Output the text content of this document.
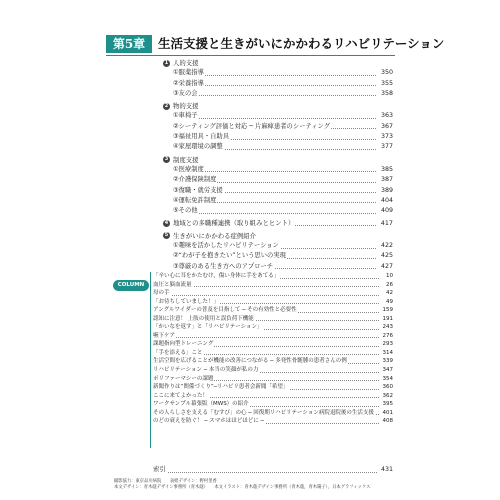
第5章	生活支援と生きがいにかかわるリハビリテーション
1 人的支援
①服薬指導	350
②栄養指導	355
③友の会	358
2 物的支援
①車椅子	363
②シーティング評価と対応 ─ 片麻痺患者のシーティング	367
③福祉用具・自助具	373
④家屋環境の調整	377
3 制度支援
①医療制度	385
②介護保険制度	387
③復職・就労支援	389
④運転免許制度	404
⑤その他	409
4 地域との多職種連携（取り組みとヒント）	417
5 生きがいにかかわる症例紹介
①趣味を活かしたリハビリテーション	422
②“わが子を抱きたい”という思いの実現	425
③尊厳のある生き方へのアプローチ	427
COLUMN
「辛い心に耳をかたむけ，傷い身体に手をあてる」	10
血圧と脳血流量	26
母の手	42
「お待ちしていました！」	49
アングルワイダーの普及を目指して ─ その有効性と必要性	159
認知に注意！ 上肢の使用と誤負荷下機能	191
「かいなを返す」と「リハビリテーション」	243
嚥下ケア	276
課題指向型トレーニング	293
「手を添える」こと	314
生活空間を広げることが機能の改善につながる ─ 多発性骨髄腫の患者さんの例	339
リハビリテーション ─ 本当の笑顔が私の力	347
ポリファーマシーの課題	354
新聞作りは“関係づくり”─リハビリ患者会新聞「希望」	360
ここに来てよかった！	362
ワークサンプル幕張版（MWS）の紹介	395
その人らしさを支える「むすび」の心 ─ 回復期リハビリテーション病院退院後の生活支援 401
のどの衰えを防ぐ！ ─ スマホはほどほどに ─	408
索引	431
撮影協力：東京品川病院　　表紙デザイン：野村里香
本文デザイン：青木蔭デザイン事務所（青木蔭）　　本文イラスト：青木蔭デザイン事務所（青木蔭，青木陽子），日本グラフィックス
